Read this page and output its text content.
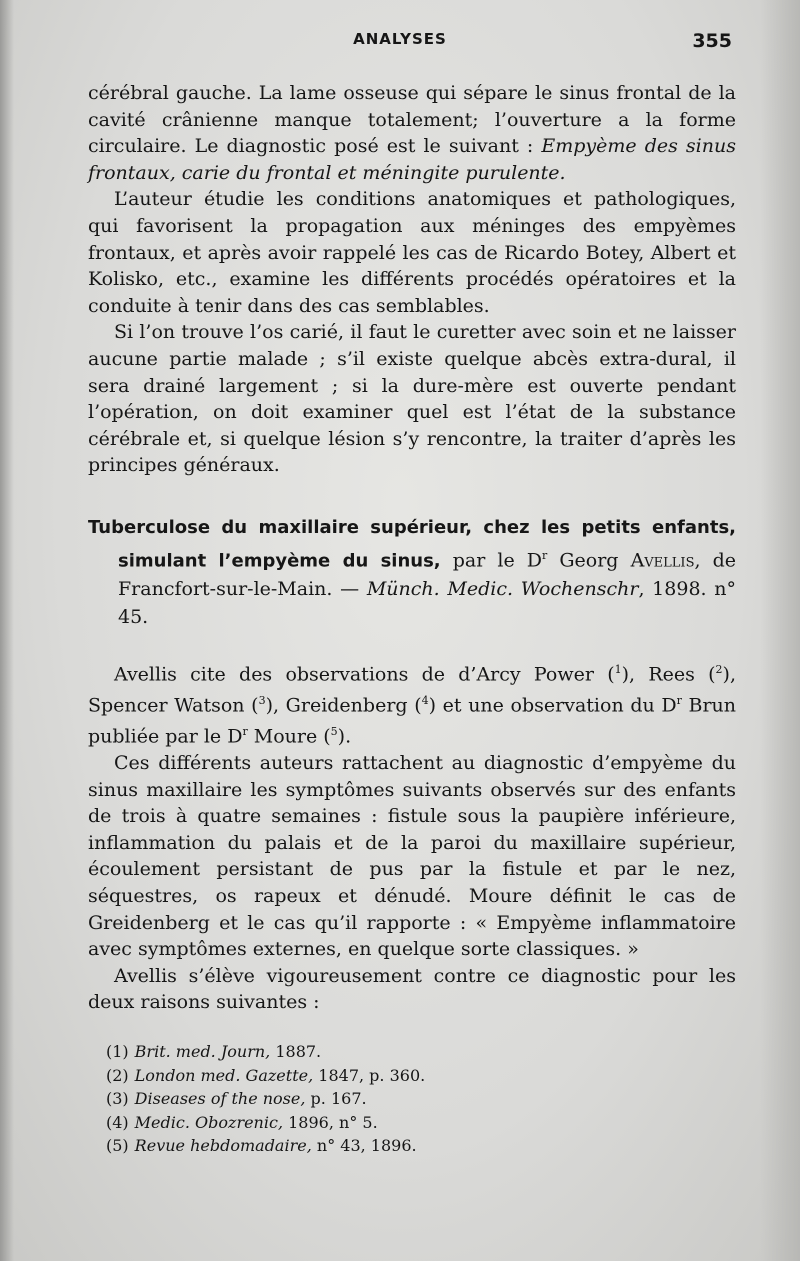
ANALYSES	355

cérébral gauche. La lame osseuse qui sépare le sinus frontal de la cavité crânienne manque totalement; l’ouverture a la forme circulaire. Le diagnostic posé est le suivant : Empyème des sinus frontaux, carie du frontal et méningite purulente.

L’auteur étudie les conditions anatomiques et pathologiques, qui favorisent la propagation aux méninges des empyèmes frontaux, et après avoir rappelé les cas de Ricardo Botey, Albert et Kolisko, etc., examine les différents procédés opératoires et la conduite à tenir dans des cas semblables.

Si l’on trouve l’os carié, il faut le curetter avec soin et ne laisser aucune partie malade ; s’il existe quelque abcès extra-dural, il sera drainé largement ; si la dure-mère est ouverte pendant l’opération, on doit examiner quel est l’état de la substance cérébrale et, si quelque lésion s’y rencontre, la traiter d’après les principes généraux.

Tuberculose du maxillaire supérieur, chez les petits enfants, simulant l’empyème du sinus, par le $D^r$ Georg Avellis, de Francfort-sur-le-Main. — Münch. Medic. Wochenschr, 1898. n° 45.

Avellis cite des observations de d’Arcy Power ($^1$), Rees ($^2$), Spencer Watson ($^3$), Greidenberg ($^4$) et une observation du $D^r$ Brun publiée par le $D^r$ Moure ($^5$).

Ces différents auteurs rattachent au diagnostic d’empyème du sinus maxillaire les symptômes suivants observés sur des enfants de trois à quatre semaines : fistule sous la paupière inférieure, inflammation du palais et de la paroi du maxillaire supérieur, écoulement persistant de pus par la fistule et par le nez, séquestres, os rapeux et dénudé. Moure définit le cas de Greidenberg et le cas qu’il rapporte : « Empyème inflammatoire avec symptômes externes, en quelque sorte classiques. »

Avellis s’élève vigoureusement contre ce diagnostic pour les deux raisons suivantes :

(1) Brit. med. Journ, 1887.

(2) London med. Gazette, 1847, p. 360.

(3) Diseases of the nose, p. 167.

(4) Medic. Obozrenic, 1896, n° 5.

(5) Revue hebdomadaire, n° 43, 1896.
